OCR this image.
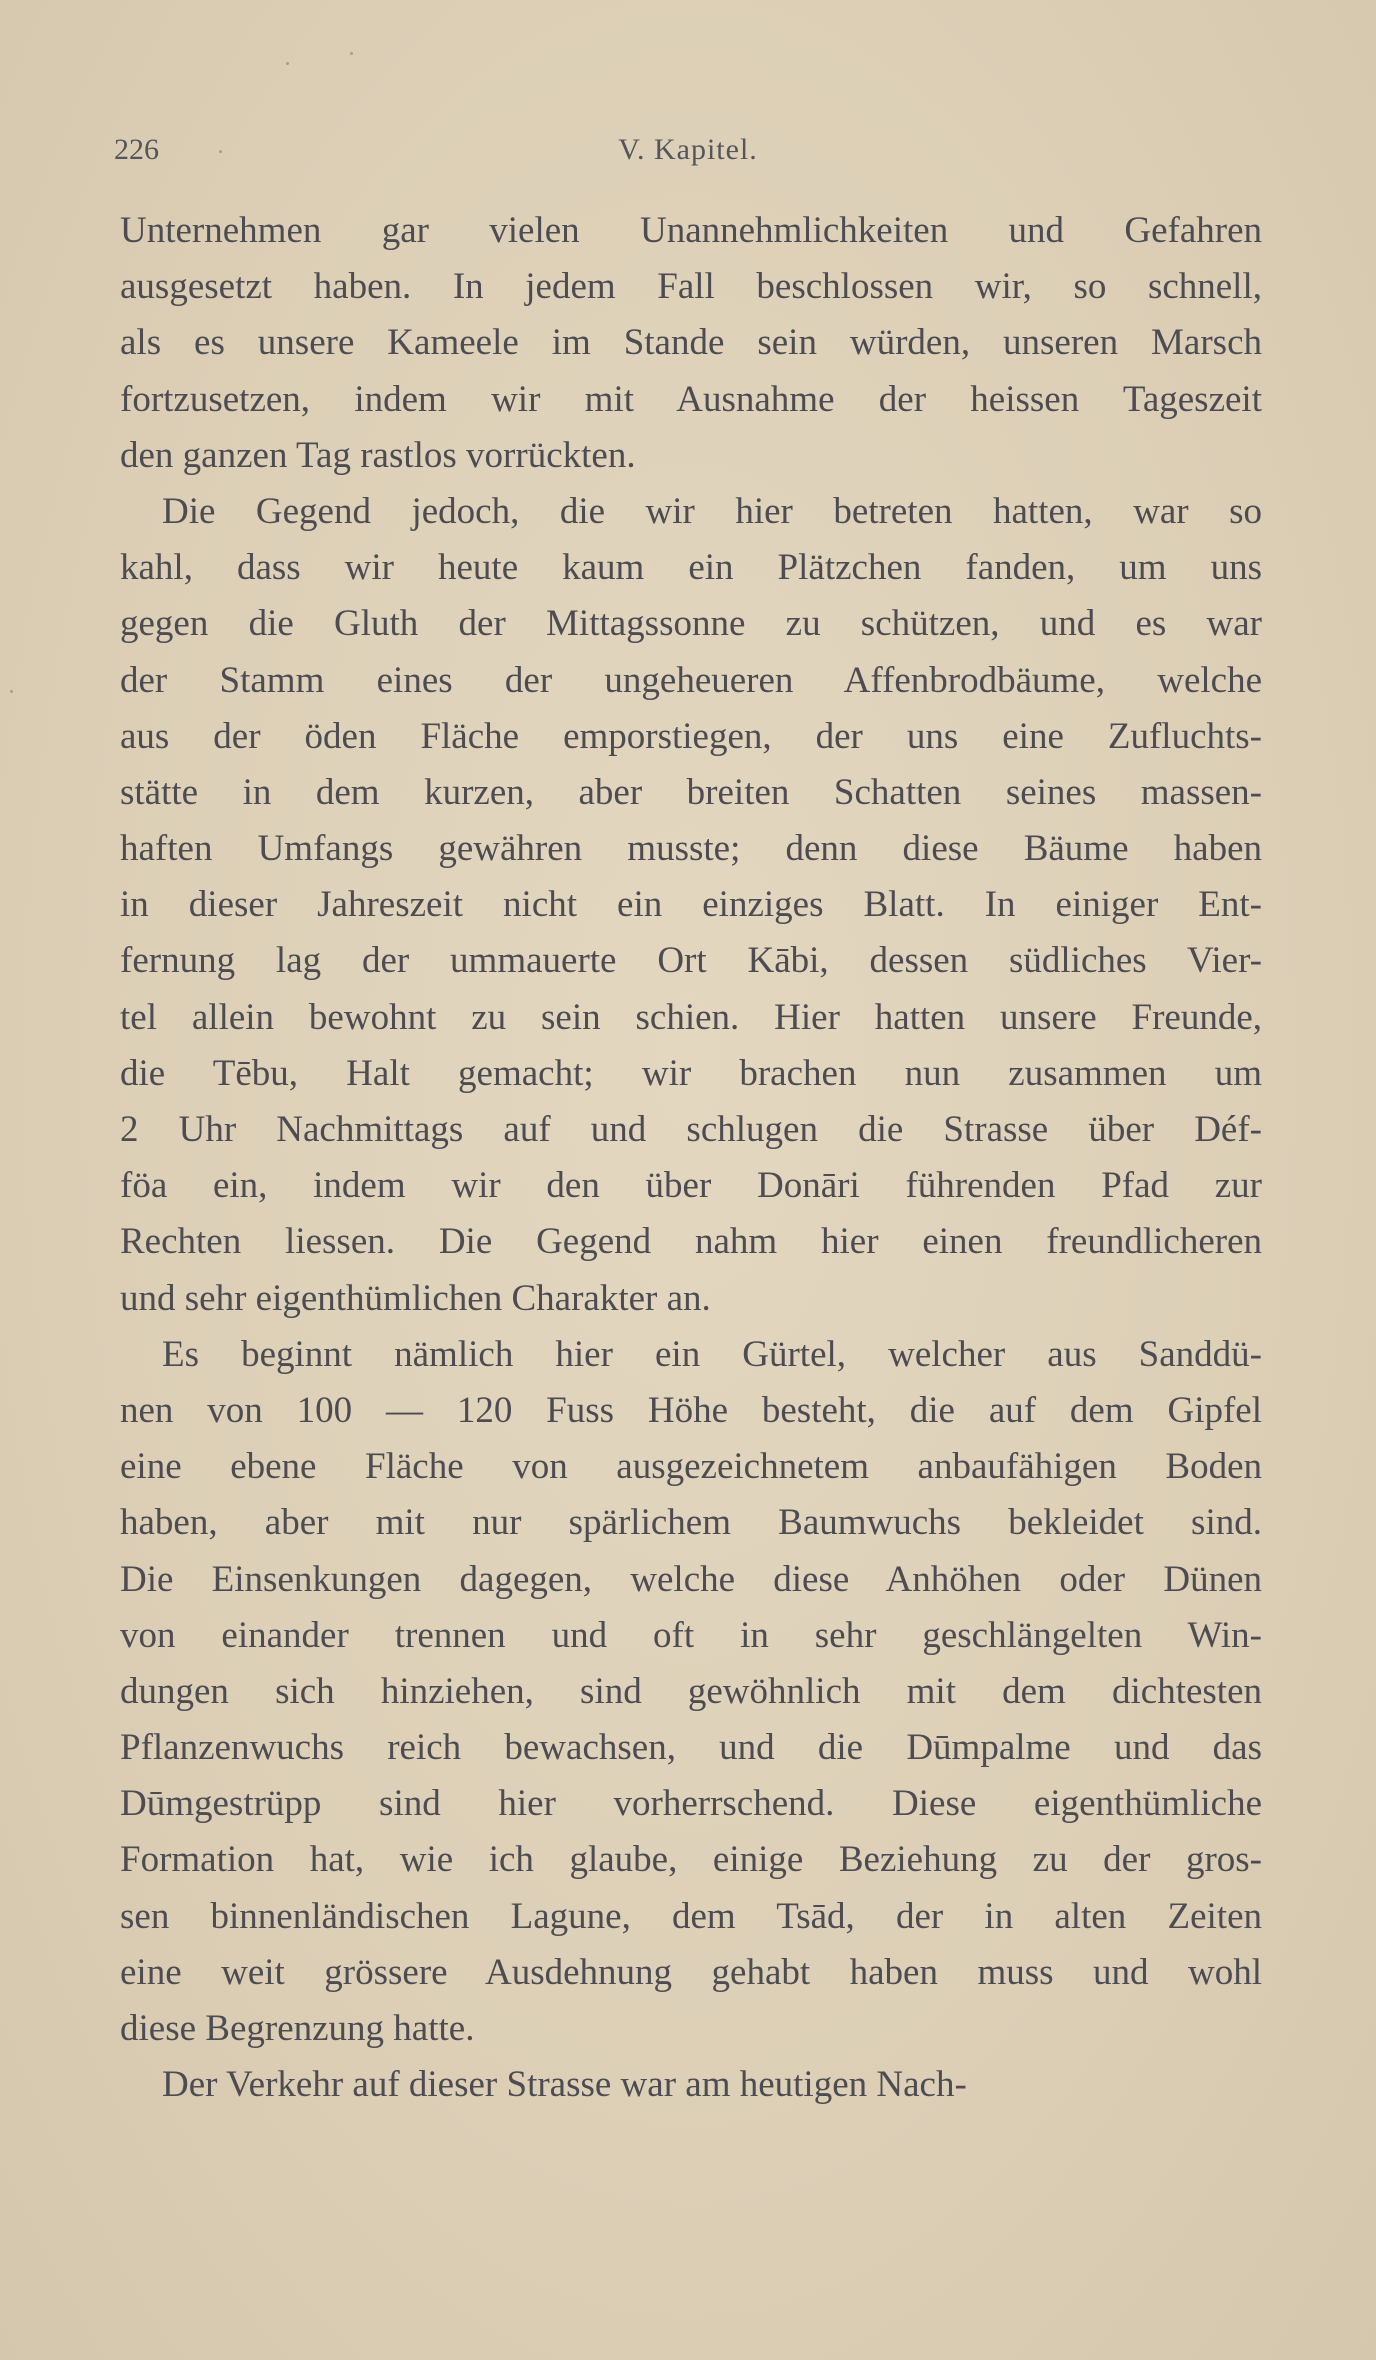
226	V. Kapitel.
Unternehmen gar vielen Unannehmlichkeiten und Gefahren
ausgesetzt haben. In jedem Fall beschlossen wir, so schnell,
als es unsere Kameele im Stande sein würden, unseren Marsch
fortzusetzen, indem wir mit Ausnahme der heissen Tageszeit
den ganzen Tag rastlos vorrückten.
Die Gegend jedoch, die wir hier betreten hatten, war so
kahl, dass wir heute kaum ein Plätzchen fanden, um uns
gegen die Gluth der Mittagssonne zu schützen, und es war
der Stamm eines der ungeheueren Affenbrodbäume, welche
aus der öden Fläche emporstiegen, der uns eine Zufluchts-
stätte in dem kurzen, aber breiten Schatten seines massen-
haften Umfangs gewähren musste; denn diese Bäume haben
in dieser Jahreszeit nicht ein einziges Blatt. In einiger Ent-
fernung lag der ummauerte Ort Kābi, dessen südliches Vier-
tel allein bewohnt zu sein schien. Hier hatten unsere Freunde,
die Tēbu, Halt gemacht; wir brachen nun zusammen um
2 Uhr Nachmittags auf und schlugen die Strasse über Déf-
föa ein, indem wir den über Donāri führenden Pfad zur
Rechten liessen. Die Gegend nahm hier einen freundlicheren
und sehr eigenthümlichen Charakter an.
Es beginnt nämlich hier ein Gürtel, welcher aus Sanddü-
nen von 100 — 120 Fuss Höhe besteht, die auf dem Gipfel
eine ebene Fläche von ausgezeichnetem anbaufähigen Boden
haben, aber mit nur spärlichem Baumwuchs bekleidet sind.
Die Einsenkungen dagegen, welche diese Anhöhen oder Dünen
von einander trennen und oft in sehr geschlängelten Win-
dungen sich hinziehen, sind gewöhnlich mit dem dichtesten
Pflanzenwuchs reich bewachsen, und die Dūmpalme und das
Dūmgestrüpp sind hier vorherrschend. Diese eigenthümliche
Formation hat, wie ich glaube, einige Beziehung zu der gros-
sen binnenländischen Lagune, dem Tsād, der in alten Zeiten
eine weit grössere Ausdehnung gehabt haben muss und wohl
diese Begrenzung hatte.
Der Verkehr auf dieser Strasse war am heutigen Nach-
